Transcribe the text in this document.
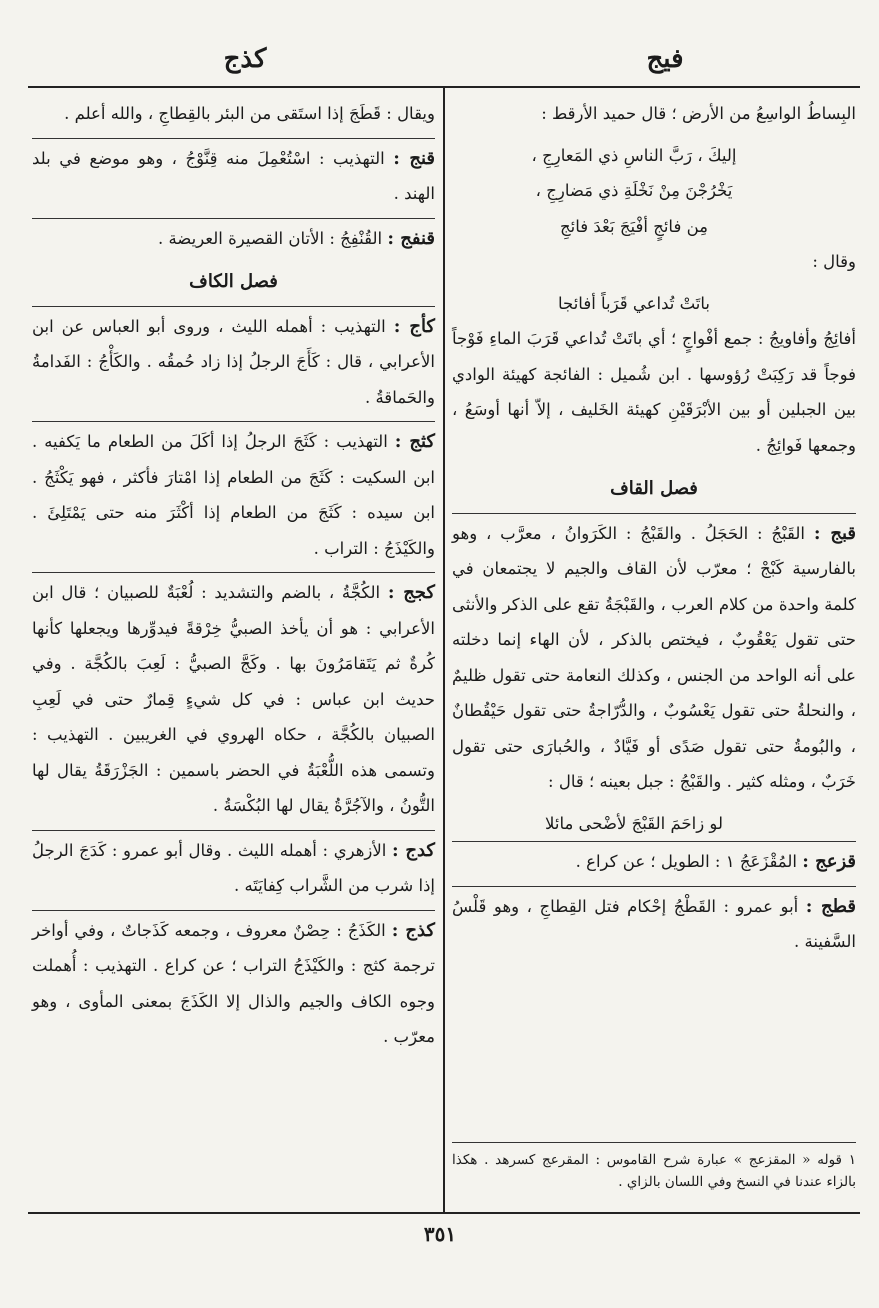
فيج
كذج
البِساطُ الواسِعُ من الأرض ؛ قال حميد الأرقط :
إليكَ ، رَبَّ الناسِ ذي المَعارِجِ ،
يَخْرُجْنَ مِنْ نَخْلَةِ ذي مَضارِجِ ،
مِن فائجٍ أفْيَجَ بَعْدَ فائجِ
وقال :
باتَتْ تُداعي قَرَباً أفائجا
أفائِجُ وأفاويجُ : جمع أفْواجٍ ؛ أي باتَتْ تُداعي قَرَبَ الماءِ فَوْجاً فوجاً قد رَكِبَتْ رُؤوسها . ابن شُميل : الفائجة كهيئة الوادي بين الجبلين أو بين الأبْرَقَيْنِ كهيئة الخَليف ، إلاّ أنها أوسَعُ ، وجمعها فَوائِجُ .
فصل القاف
قبج : القَبْجُ : الحَجَلُ . والقَبْجُ : الكَرَوانُ ، معرَّب ، وهو بالفارسية كَبْجْ ؛ معرّب لأن القاف والجيم لا يجتمعان في كلمة واحدة من كلام العرب ، والقَبْجَةُ تقع على الذكر والأنثى حتى تقول يَعْقُوبٌ ، فيختص بالذكر ، لأن الهاء إنما دخلته على أنه الواحد من الجنس ، وكذلك النعامة حتى تقول ظليمٌ ، والنحلةُ حتى تقول يَعْسُوبٌ ، والدُّرّاجةُ حتى تقول حَيْقُطانٌ ، والبُومةُ حتى تقول صَدًى أو فَيَّادٌ ، والحُبارَى حتى تقول خَرَبٌ ، ومثله كثير . والقَبْجُ : جبل بعينه ؛ قال :
لو زاحَمَ القَبْجَ لأضْحى مائلا
قزعج : المُقْزَعَجُ ١ : الطويل ؛ عن كراع .
قطج : أبو عمرو : القَطْجُ إحْكام فتل القِطاجِ ، وهو قَلْسُ السَّفينة .
ويقال : قَطَجَ إذا استَقى من البئر بالقِطاجِ ، والله أعلم .
قنج : التهذيب : اسْتُعْمِلَ منه قِنَّوْجُ ، وهو موضع في بلد الهند .
قنفج : القُنْفِجُ : الأتان القصيرة العريضة .
فصل الكاف
كأج : التهذيب : أهمله الليث ، وروى أبو العباس عن ابن الأعرابي ، قال : كَأَجَ الرجلُ إذا زاد حُمقُه . والكَأْجُ : الفَدامةُ والحَماقةُ .
كثج : التهذيب : كَثَجَ الرجلُ إذا أكَلَ من الطعام ما يَكفيه . ابن السكيت : كَثَجَ من الطعام إذا امْتارَ فأكثر ، فهو يَكْثَجُ . ابن سيده : كَثَجَ من الطعام إذا أكْثَرَ منه حتى يَمْتَلِئَ . والكَيْذَجُ : التراب .
كجج : الكُجَّةُ ، بالضم والتشديد : لُعْبَةٌ للصبيان ؛ قال ابن الأعرابي : هو أن يأخذ الصبيُّ خِرْقةً فيدوِّرها ويجعلها كأنها كُرةٌ ثم يَتَقامَرُونَ بها . وكَجَّ الصبيُّ : لَعِبَ بالكُجَّة . وفي حديث ابن عباس : في كل شيءٍ قِمارٌ حتى في لَعِبِ الصبيان بالكُجَّة ، حكاه الهروي في الغريبين . التهذيب : وتسمى هذه اللُّعْبَةُ في الحضر باسمين : الجَزْرَقَةُ يقال لها التُّونُ ، والآجُرَّةُ يقال لها البُكْسَةُ .
كدج : الأزهري : أهمله الليث . وقال أبو عمرو : كَدَجَ الرجلُ إذا شرب من الشَّراب كِفايَتَه .
كذج : الكَذَجُ : حِصْنٌ معروف ، وجمعه كَذَجاتٌ ، وفي أواخر ترجمة كثج : والكَيْذَجُ التراب ؛ عن كراع . التهذيب : أُهملت وجوه الكاف والجيم والذال إلا الكَذَجَ بمعنى المأوى ، وهو معرّب .
١ قوله « المقزعج » عبارة شرح القاموس : المقرعج كسرهد . هكذا بالزاء عندنا في النسخ وفي اللسان بالزاي .
٣٥١
